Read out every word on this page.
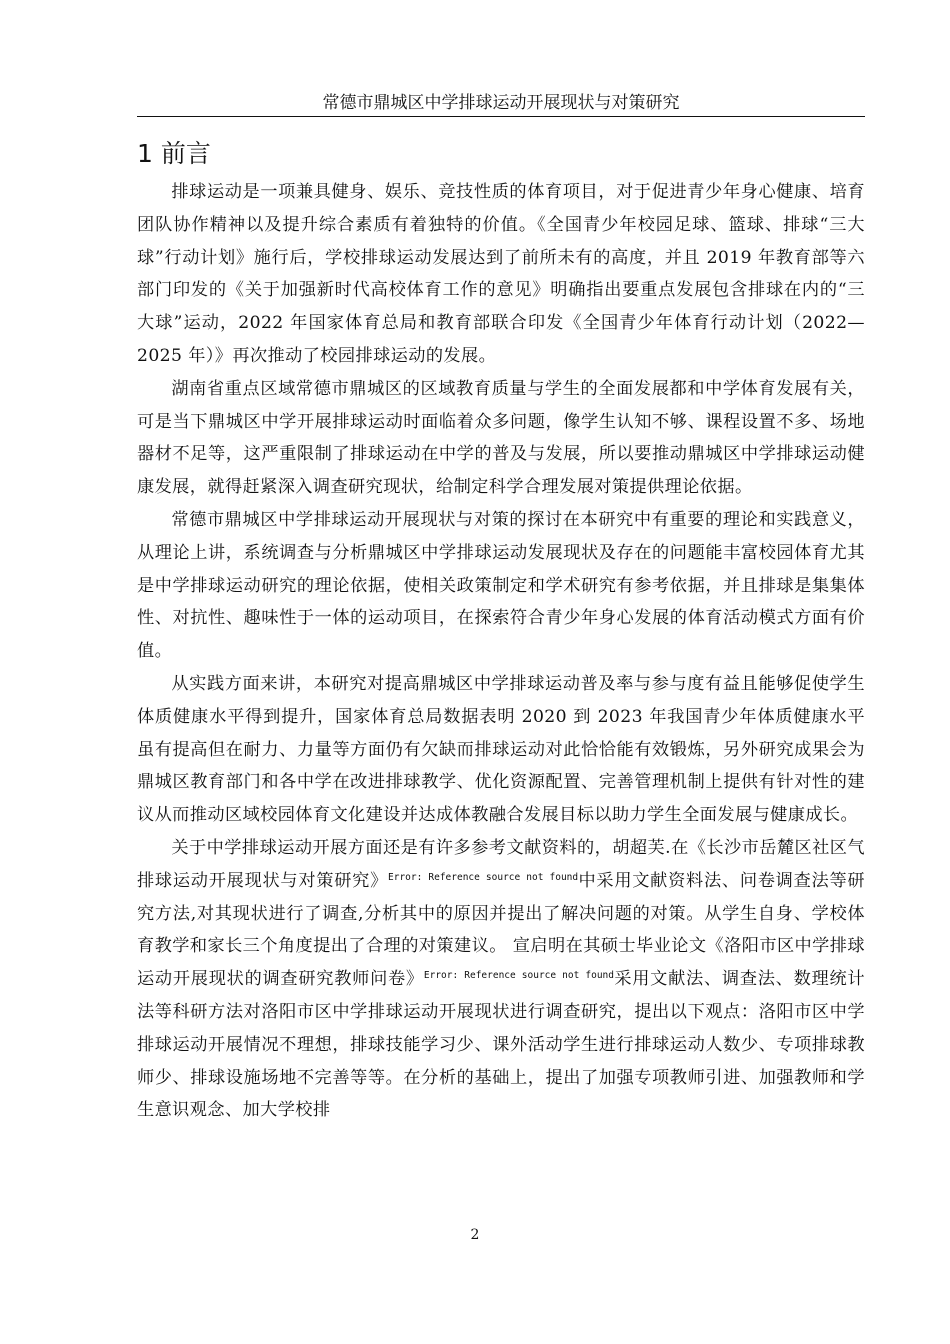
常德市鼎城区中学排球运动开展现状与对策研究
1 前言

排球运动是一项兼具健身、娱乐、竞技性质的体育项目，对于促进青少年身心健康、培育团队协作精神以及提升综合素质有着独特的价值。《全国青少年校园足球、篮球、排球“三大球”行动计划》施行后，学校排球运动发展达到了前所未有的高度，并且 2019 年教育部等六部门印发的《关于加强新时代高校体育工作的意见》明确指出要重点发展包含排球在内的“三大球”运动，2022 年国家体育总局和教育部联合印发《全国青少年体育行动计划（2022—2025 年）》再次推动了校园排球运动的发展。

湖南省重点区域常德市鼎城区的区域教育质量与学生的全面发展都和中学体育发展有关，可是当下鼎城区中学开展排球运动时面临着众多问题，像学生认知不够、课程设置不多、场地器材不足等，这严重限制了排球运动在中学的普及与发展，所以要推动鼎城区中学排球运动健康发展，就得赶紧深入调查研究现状，给制定科学合理发展对策提供理论依据。

常德市鼎城区中学排球运动开展现状与对策的探讨在本研究中有重要的理论和实践意义，从理论上讲，系统调查与分析鼎城区中学排球运动发展现状及存在的问题能丰富校园体育尤其是中学排球运动研究的理论依据，使相关政策制定和学术研究有参考依据，并且排球是集集体性、对抗性、趣味性于一体的运动项目，在探索符合青少年身心发展的体育活动模式方面有价值。

从实践方面来讲，本研究对提高鼎城区中学排球运动普及率与参与度有益且能够促使学生体质健康水平得到提升，国家体育总局数据表明 2020 到 2023 年我国青少年体质健康水平虽有提高但在耐力、力量等方面仍有欠缺而排球运动对此恰恰能有效锻炼，另外研究成果会为鼎城区教育部门和各中学在改进排球教学、优化资源配置、完善管理机制上提供有针对性的建议从而推动区域校园体育文化建设并达成体教融合发展目标以助力学生全面发展与健康成长。

关于中学排球运动开展方面还是有许多参考文献资料的，胡超芙.在《长沙市岳麓区社区气排球运动开展现状与对策研究》$^{Error: Reference source not found}$中采用文献资料法、问卷调查法等研究方法,对其现状进行了调查,分析其中的原因并提出了解决问题的对策。从学生自身、学校体育教学和家长三个角度提出了合理的对策建议。 宣启明在其硕士毕业论文《洛阳市区中学排球运动开展现状的调查研究教师问卷》$^{Error: Reference source not found}$采用文献法、调查法、数理统计法等科研方法对洛阳市区中学排球运动开展现状进行调查研究，提出以下观点：洛阳市区中学排球运动开展情况不理想，排球技能学习少、课外活动学生进行排球运动人数少、专项排球教师少、排球设施场地不完善等等。在分析的基础上，提出了加强专项教师引进、加强教师和学生意识观念、加大学校排

2
